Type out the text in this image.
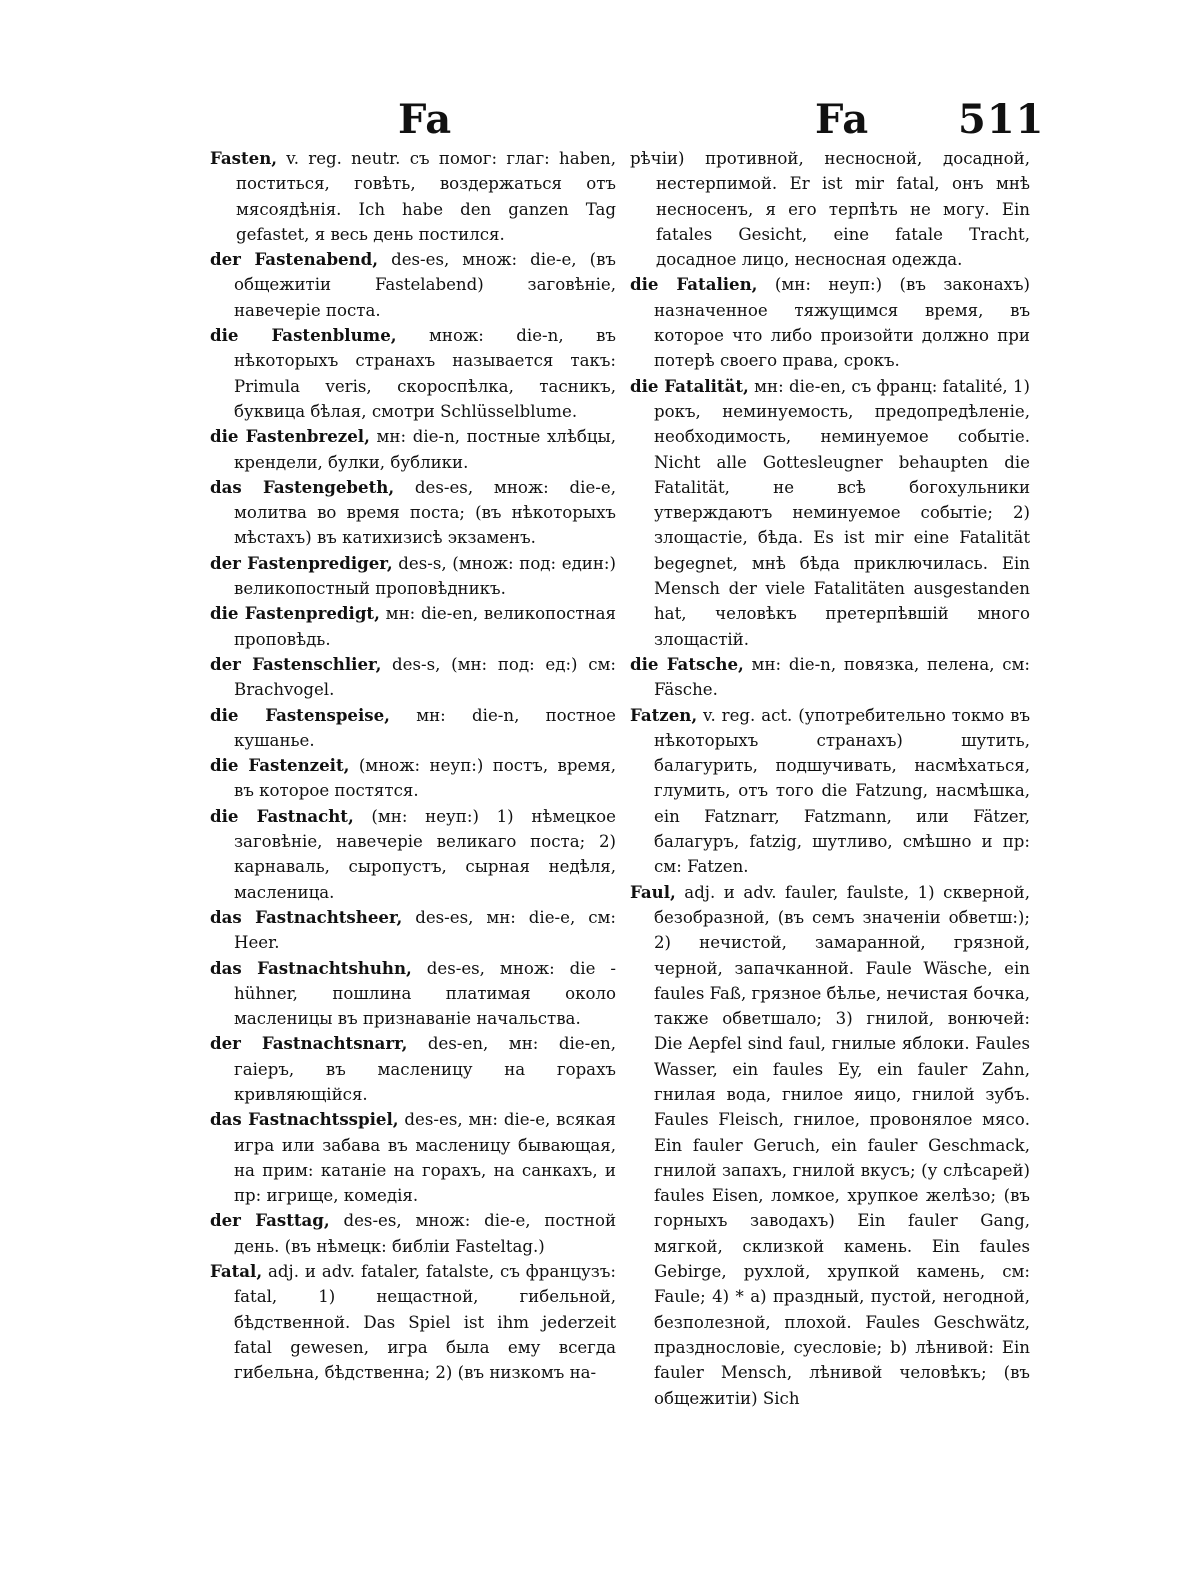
Fa	Fa 511

Fasten, v. reg. neutr. съ помог: глаг: haben, поститься, говѣть, воздержаться отъ мясоядѣнiя. Ich habe den ganzen Tag gefastet, я весь день постился.

der Fastenabend, des-es, множ: die-e, (въ общежитiи Fastelabend) заговѣнiе, навечерiе поста.

die Fastenblume, множ: die-n, въ нѣкоторыхъ странахъ называется такъ: Primula veris, скороспѣлка, тасникъ, буквица бѣлая, смотри Schlüsselblume.

die Fastenbrezel, мн: die-n, постные хлѣбцы, крендели, булки, бублики.

das Fastengebeth, des-es, множ: die-e, молитва во время поста; (въ нѣкоторыхъ мѣстахъ) въ катихизисѣ экзаменъ.

der Fastenprediger, des-s, (множ: под: един:) великопостный проповѣдникъ.

die Fastenpredigt, мн: die-en, великопостная проповѣдь.

der Fastenschlier, des-s, (мн: под: ед:) см: Brachvogel.

die Fastenspeise, мн: die-n, постное кушанье.

die Fastenzeit, (множ: неуп:) постъ, время, въ которое постятся.

die Fastnacht, (мн: неуп:) 1) нѣмецкое заговѣнiе, навечерiе великаго поста; 2) карнаваль, сыропустъ, сырная недѣля, масленица.

das Fastnachtsheer, des-es, мн: die-e, см: Heer.

das Fastnachtshuhn, des-es, множ: die -hühner, пошлина платимая около масленицы въ признаванiе начальства.

der Fastnachtsnarr, des-en, мн: die-en, гаiеръ, въ масленицу на горахъ кривляющiйся.

das Fastnachtsspiel, des-es, мн: die-e, всякая игра или забава въ масленицу бывающая, на прим: катанiе на горахъ, на санкахъ, и пр: игрище, комедiя.

der Fasttag, des-es, множ: die-e, постной день. (въ нѣмецк: библiи Fasteltag.)

Fatal, adj. и adv. fataler, fatalste, съ французъ: fatal, 1) нещастной, гибельной, бѣдственной. Das Spiel ist ihm jederzeit fatal gewesen, игра была ему всегда гибельна, бѣдственна; 2) (въ низкомъ на-

рѣчiи) противной, несносной, досадной, нестерпимой. Er ist mir fatal, онъ мнѣ несносенъ, я его терпѣть не могу. Ein fatales Gesicht, eine fatale Tracht, досадное лицо, несносная одежда.

die Fatalien, (мн: неуп:) (въ законахъ) назначенное тяжущимся время, въ которое что либо произойти должно при потерѣ своего права, срокъ.

die Fatalität, мн: die-en, съ франц: fatalité, 1) рокъ, неминуемость, предопредѣленiе, необходимость, неминуемое событiе. Nicht alle Gottesleugner behaupten die Fatalität, не всѣ богохульники утверждаютъ неминуемое событiе; 2) злощастiе, бѣда. Es ist mir eine Fatalität begegnet, мнѣ бѣда приключилась. Ein Mensch der viele Fatalitäten ausgestanden hat, человѣкъ претерпѣвшiй много злощастiй.

die Fatsche, мн: die-n, повязка, пелена, см: Fäsche.

Fatzen, v. reg. act. (употребительно токмо въ нѣкоторыхъ странахъ) шутить, балагурить, подшучивать, насмѣхаться, глумить, отъ того die Fatzung, насмѣшка, ein Fatznarr, Fatzmann, или Fätzer, балагуръ, fatzig, шутливо, смѣшно и пр: см: Fatzen.

Faul, adj. и adv. fauler, faulste, 1) скверной, безобразной, (въ семъ значенiи обветш:); 2) нечистой, замаранной, грязной, черной, запачканной. Faule Wäsche, ein faules Faß, грязное бѣлье, нечистая бочка, также обветшало; 3) гнилой, вонючей: Die Aepfel sind faul, гнилые яблоки. Faules Wasser, ein faules Ey, ein fauler Zahn, гнилая вода, гнилое яицо, гнилой зубъ. Faules Fleisch, гнилое, провонялое мясо. Ein fauler Geruch, ein fauler Geschmack, гнилой запахъ, гнилой вкусъ; (у слѣсарей) faules Eisen, ломкое, хрупкое желѣзо; (въ горныхъ заводахъ) Ein fauler Gang, мягкой, склизкой камень. Ein faules Gebirge, рухлой, хрупкой камень, см: Faule; 4) * a) праздный, пустой, негодной, безполезной, плохой. Faules Geschwätz, празднословiе, суесловiе; b) лѣнивой: Ein fauler Mensch, лѣнивой человѣкъ; (въ общежитiи) Sich
